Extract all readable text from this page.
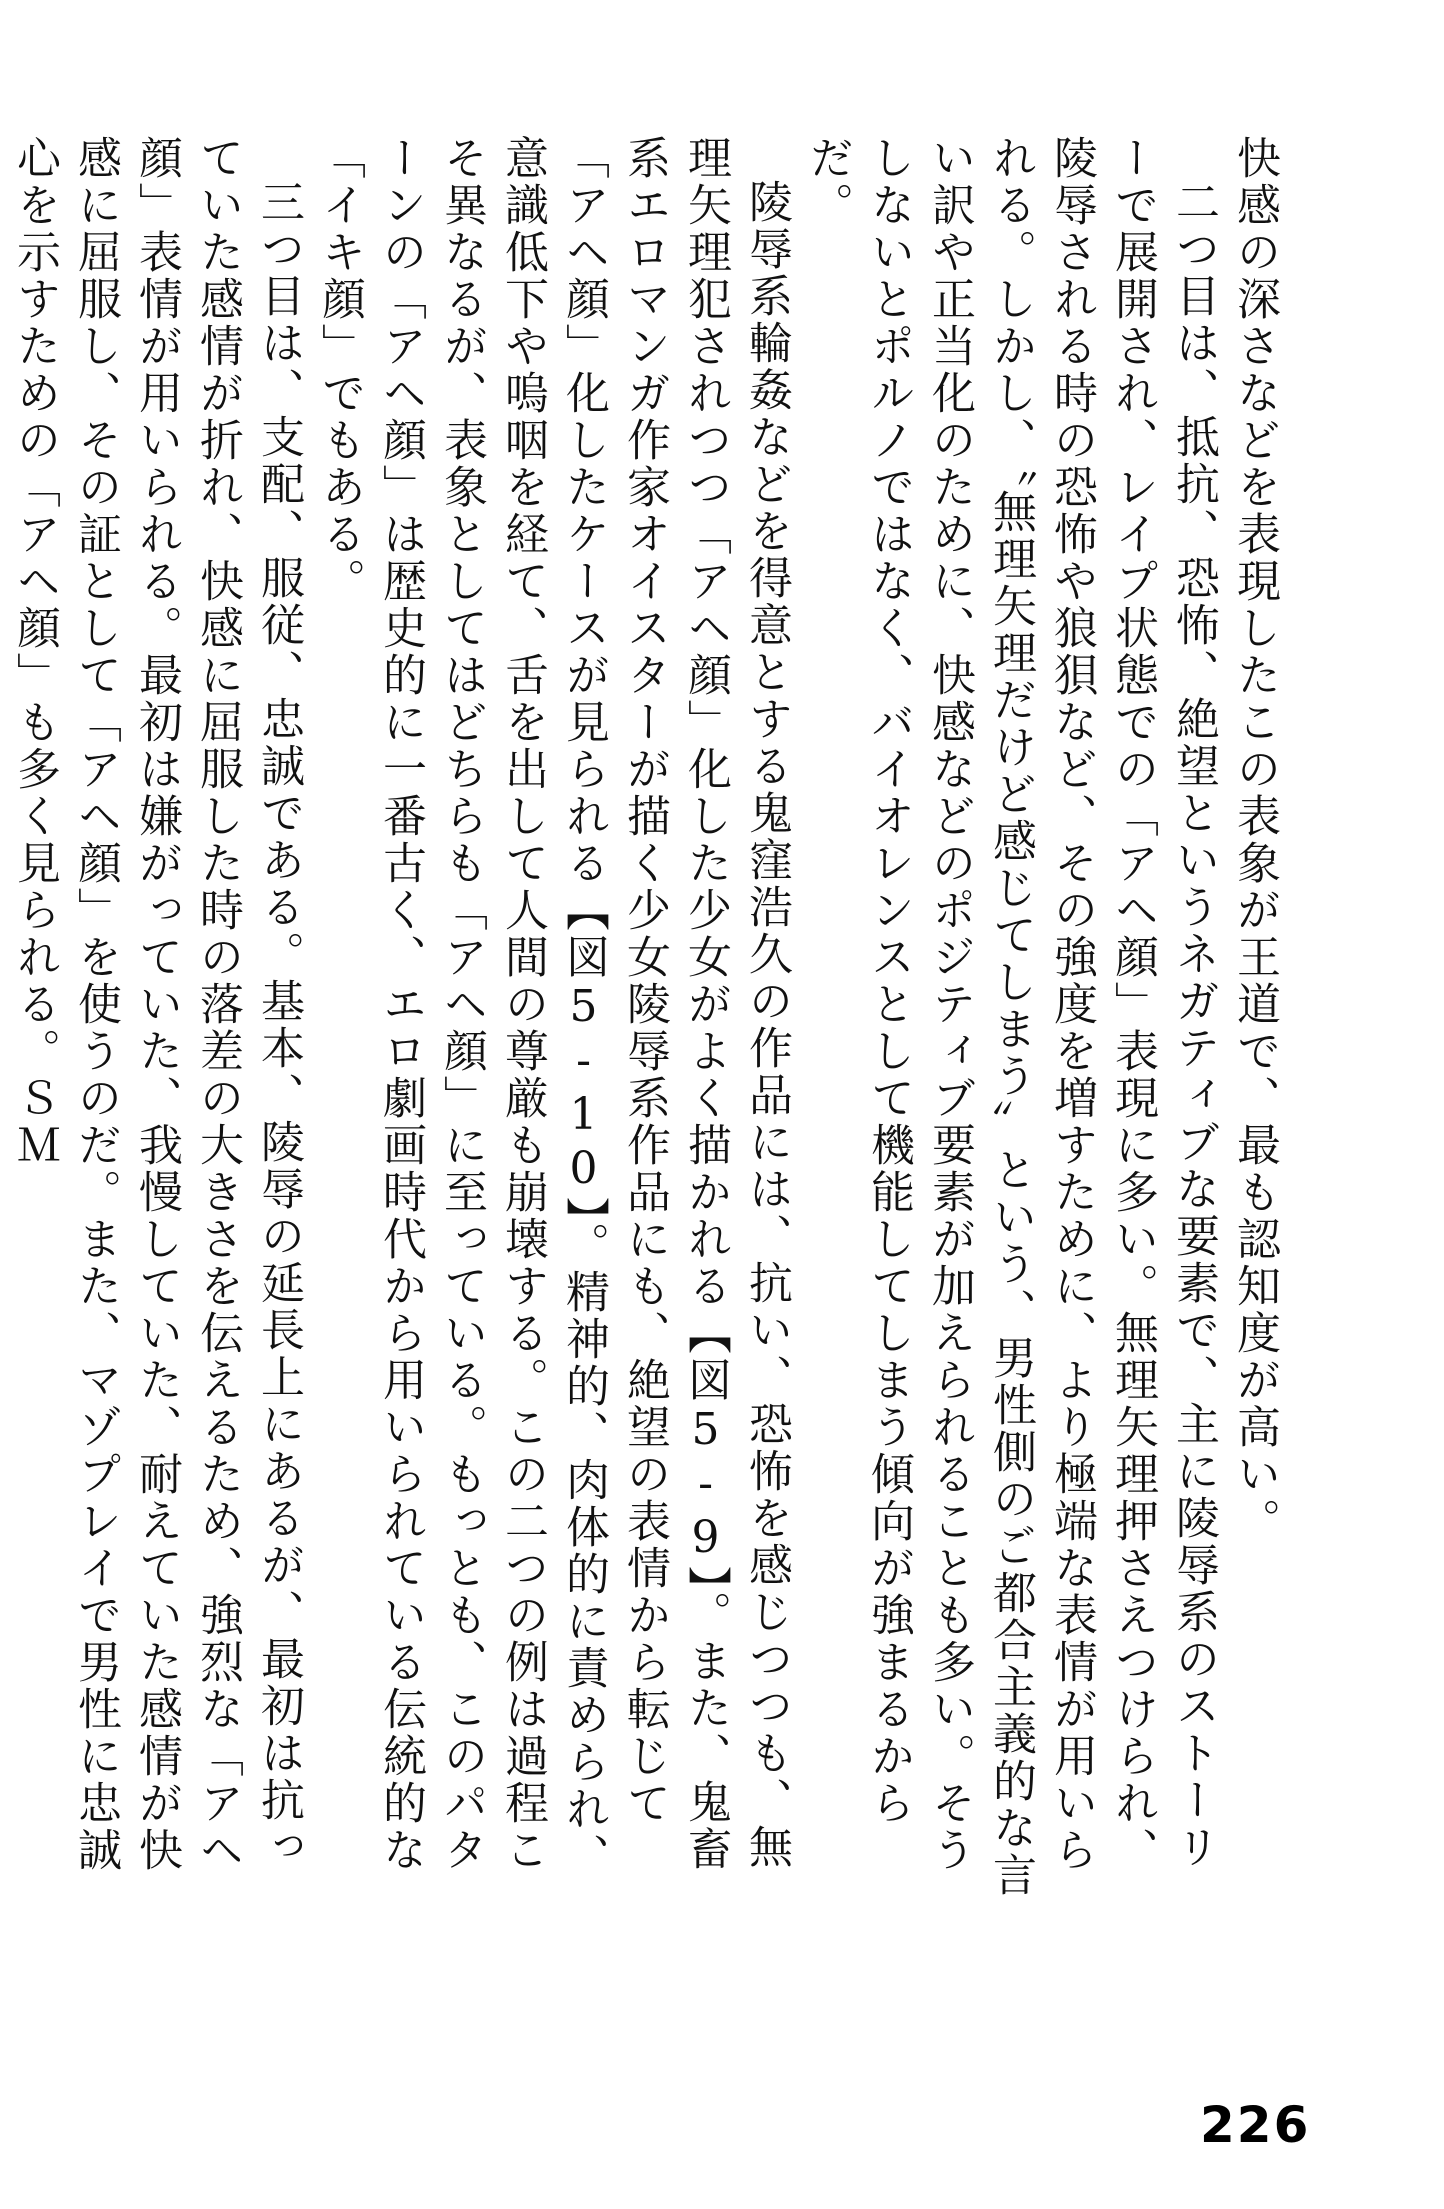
快感の深さなどを表現したこの表象が王道で、最も認知度が高い。

二つ目は、抵抗、恐怖、絶望というネガティブな要素で、主に陵辱系のストーリーで展開され、レイプ状態での「アヘ顔」表現に多い。無理矢理押さえつけられ、陵辱される時の恐怖や狼狽など、その強度を増すために、より極端な表情が用いられる。しかし、〝無理矢理だけど感じてしまう〟という、男性側のご都合主義的な言い訳や正当化のために、快感などのポジティブ要素が加えられることも多い。そうしないとポルノではなく、バイオレンスとして機能してしまう傾向が強まるからだ。

陵辱系輪姦などを得意とする鬼窪浩久の作品には、抗い、恐怖を感じつつも、無理矢理犯されつつ「アヘ顔」化した少女がよく描かれる【図5-9】。また、鬼畜系エロマンガ作家オイスターが描く少女陵辱系作品にも、絶望の表情から転じて「アヘ顔」化したケースが見られる【図5-10】。精神的、肉体的に責められ、意識低下や嗚咽を経て、舌を出して人間の尊厳も崩壊する。この二つの例は過程こそ異なるが、表象としてはどちらも「アヘ顔」に至っている。もっとも、このパターンの「アヘ顔」は歴史的に一番古く、エロ劇画時代から用いられている伝統的な「イキ顔」でもある。

三つ目は、支配、服従、忠誠である。基本、陵辱の延長上にあるが、最初は抗っていた感情が折れ、快感に屈服した時の落差の大きさを伝えるため、強烈な「アヘ顔」表情が用いられる。最初は嫌がっていた、我慢していた、耐えていた感情が快感に屈服し、その証として「アヘ顔」を使うのだ。また、マゾプレイで男性に忠誠心を示すための「アヘ顔」も多く見られる。ＳＭ

226
